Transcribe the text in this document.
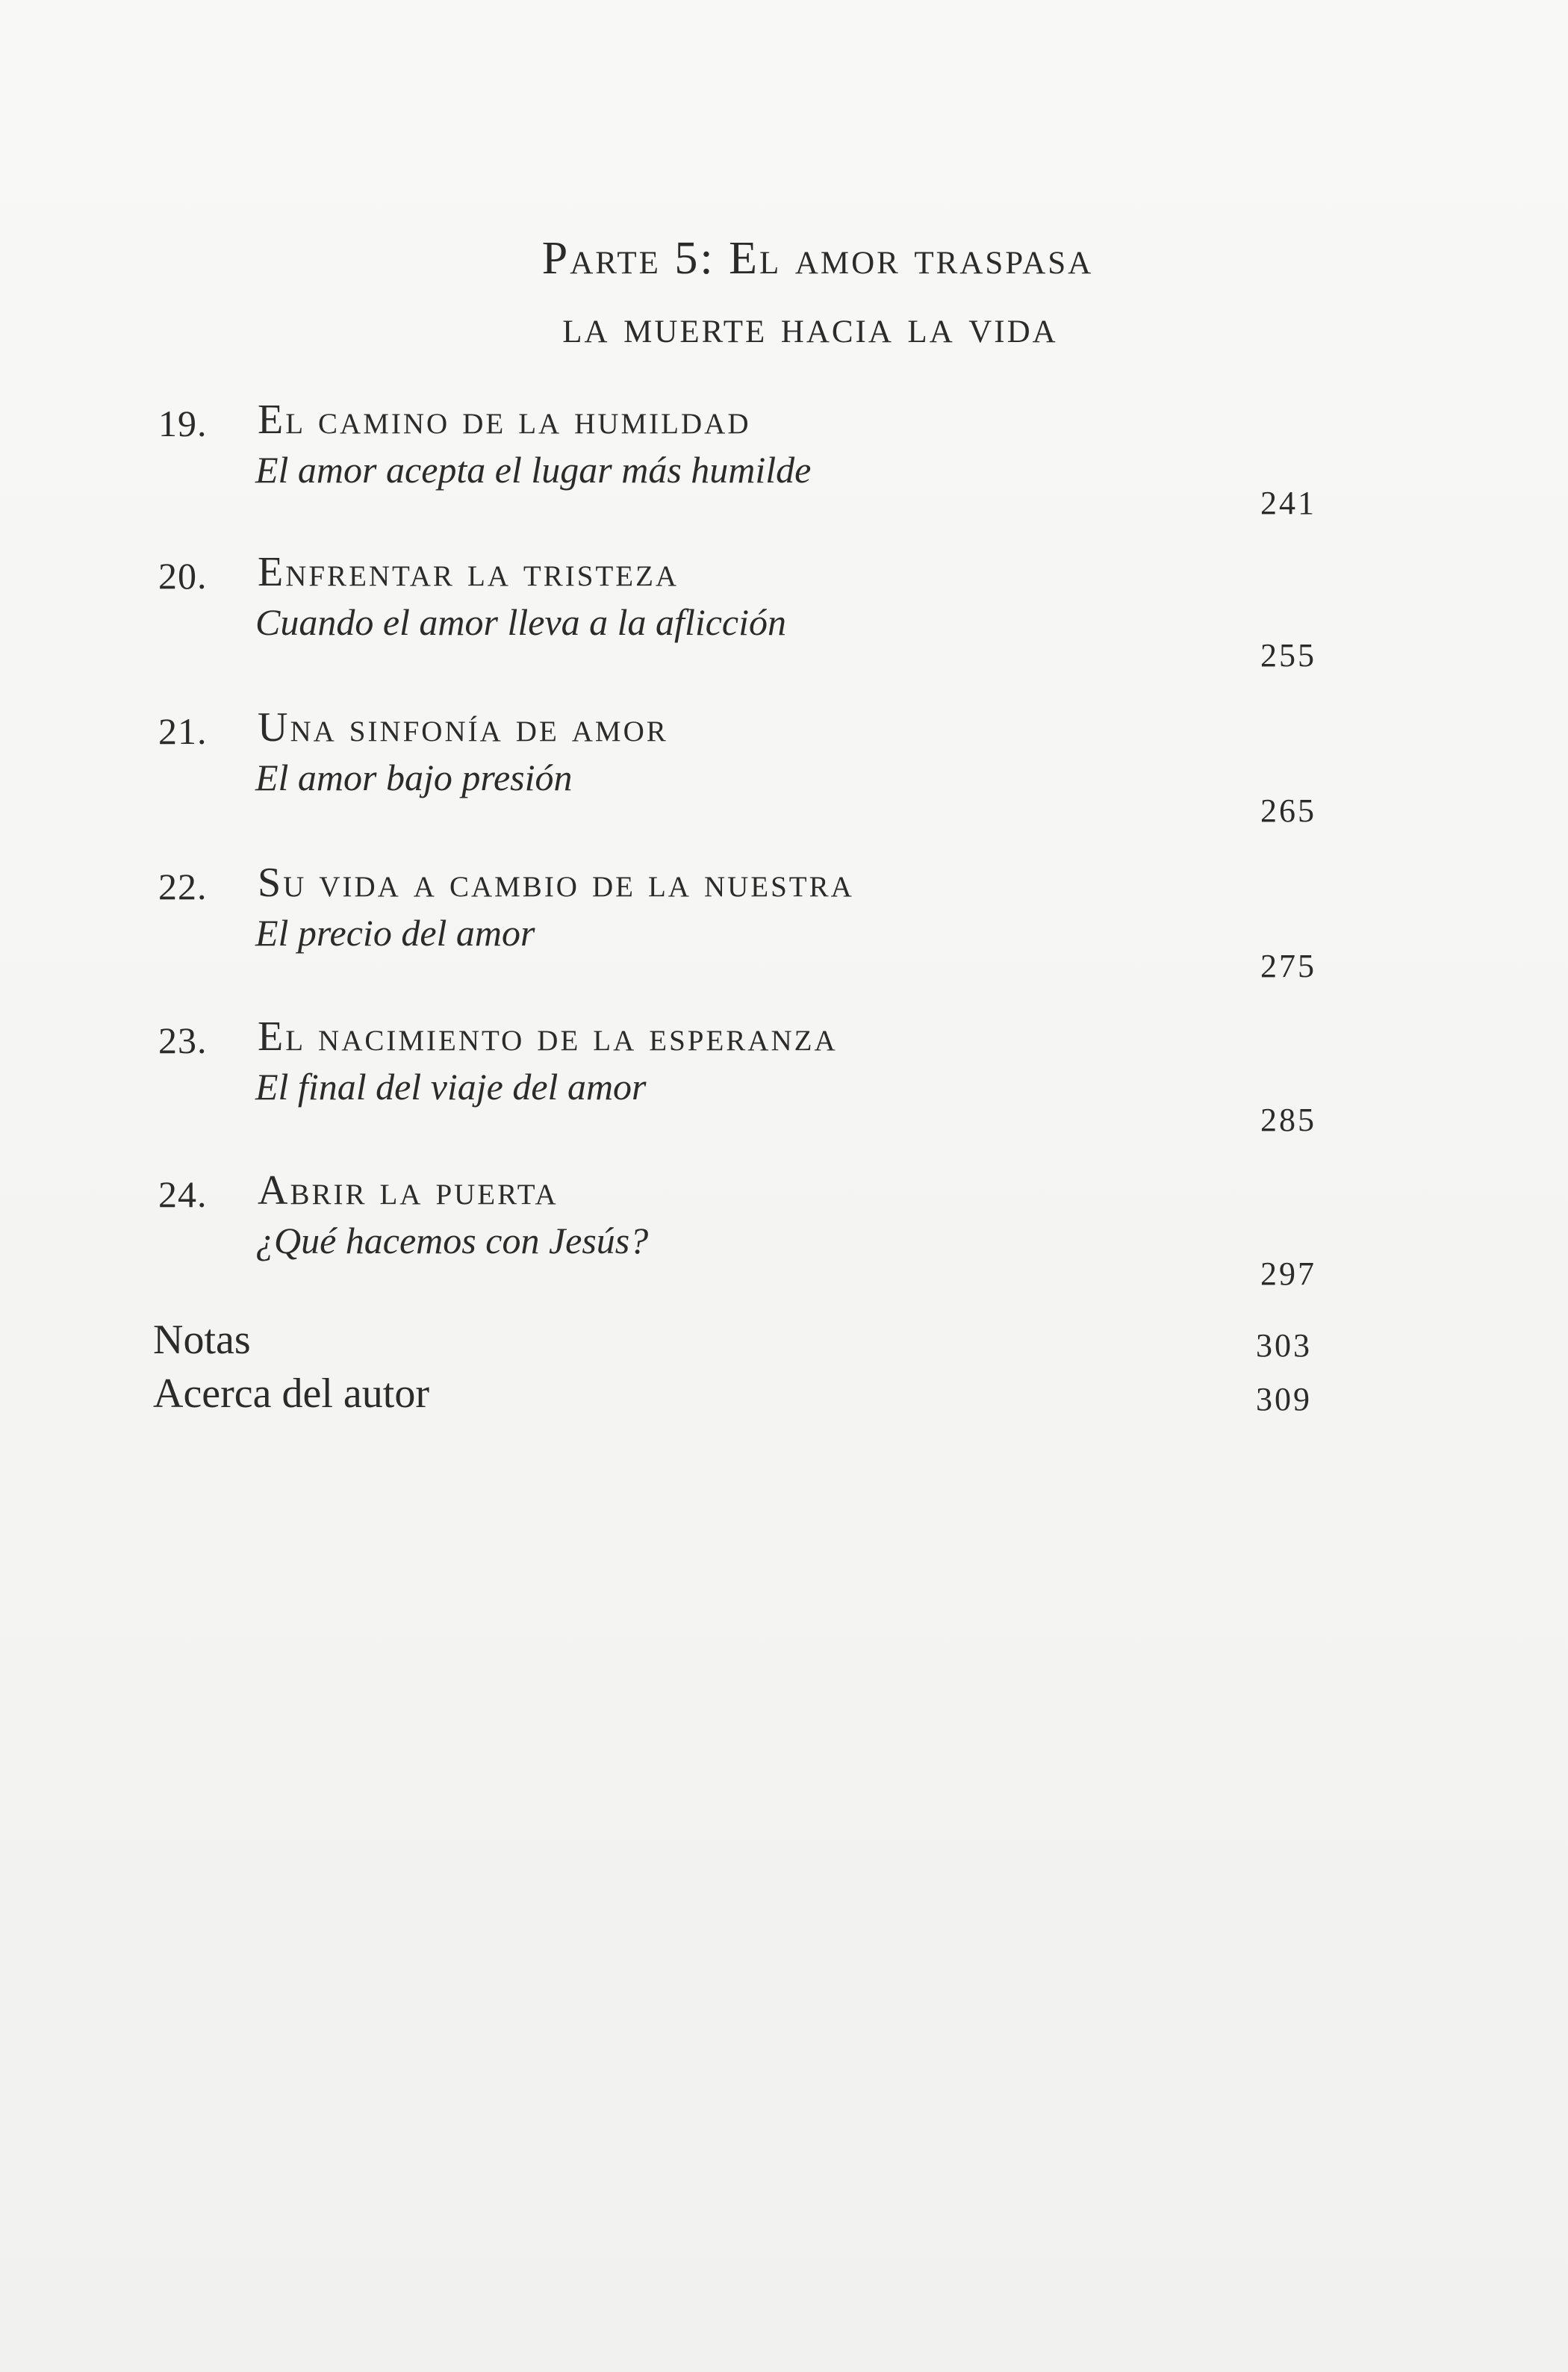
Parte 5: El amor traspasa
la muerte hacia la vida
19. El camino de la humildad
El amor acepta el lugar más humilde
241
20. Enfrentar la tristeza
Cuando el amor lleva a la aflicción
255
21. Una sinfonía de amor
El amor bajo presión
265
22. Su vida a cambio de la nuestra
El precio del amor
275
23. El nacimiento de la esperanza
El final del viaje del amor
285
24. Abrir la puerta
¿Qué hacemos con Jesús?
297
Notas	303
Acerca del autor	309
